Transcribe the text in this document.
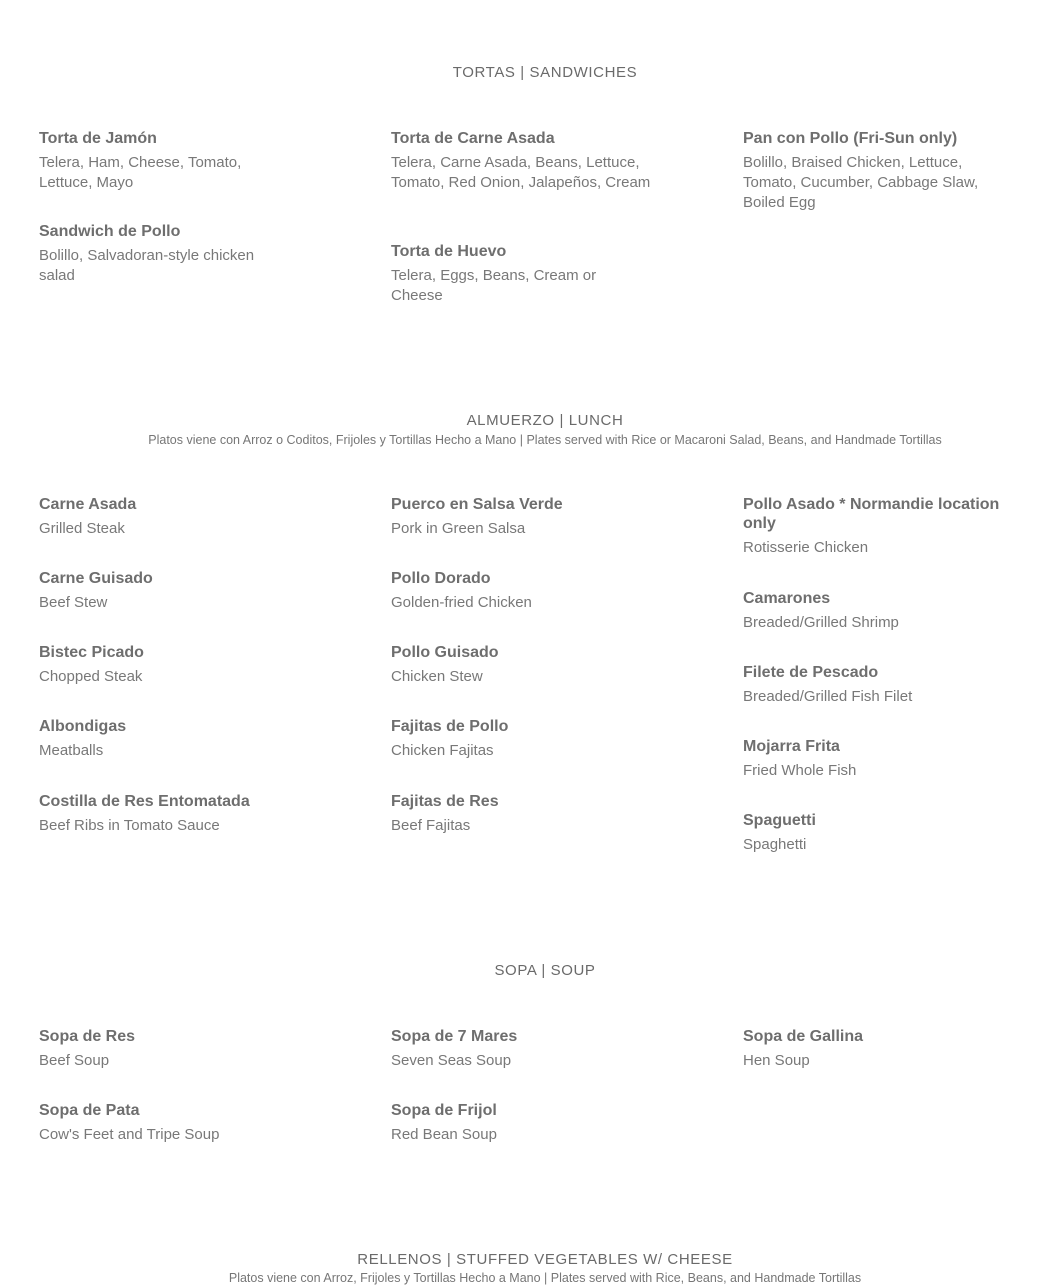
TORTAS | SANDWICHES

Torta de Jamón

Telera, Ham, Cheese, Tomato, Lettuce, Mayo

Sandwich de Pollo

Bolillo, Salvadoran-style chicken salad

Torta de Carne Asada

Telera, Carne Asada, Beans, Lettuce, Tomato, Red Onion, Jalapeños, Cream

Torta de Huevo

Telera, Eggs, Beans, Cream or Cheese

Pan con Pollo (Fri-Sun only)

Bolillo, Braised Chicken, Lettuce, Tomato, Cucumber, Cabbage Slaw, Boiled Egg

ALMUERZO | LUNCH

Platos viene con Arroz o Coditos, Frijoles y Tortillas Hecho a Mano | Plates served with Rice or Macaroni Salad, Beans, and Handmade Tortillas

Carne Asada

Grilled Steak

Carne Guisado

Beef Stew

Bistec Picado

Chopped Steak

Albondigas

Meatballs

Costilla de Res Entomatada

Beef Ribs in Tomato Sauce

Puerco en Salsa Verde

Pork in Green Salsa

Pollo Dorado

Golden-fried Chicken

Pollo Guisado

Chicken Stew

Fajitas de Pollo

Chicken Fajitas

Fajitas de Res

Beef Fajitas

Pollo Asado * Normandie location only

Rotisserie Chicken

Camarones

Breaded/Grilled Shrimp

Filete de Pescado

Breaded/Grilled Fish Filet

Mojarra Frita

Fried Whole Fish

Spaguetti

Spaghetti

SOPA | SOUP

Sopa de Res

Beef Soup

Sopa de Pata

Cow's Feet and Tripe Soup

Sopa de 7 Mares

Seven Seas Soup

Sopa de Frijol

Red Bean Soup

Sopa de Gallina

Hen Soup

RELLENOS | STUFFED VEGETABLES W/ CHEESE

Platos viene con Arroz, Frijoles y Tortillas Hecho a Mano | Plates served with Rice, Beans, and Handmade Tortillas
